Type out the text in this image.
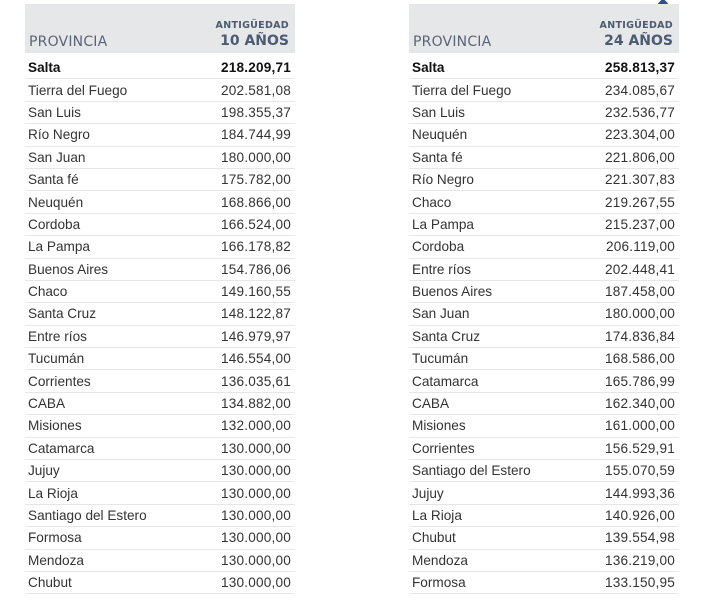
PROVINCIA
ANTIGÜEDAD
10 AÑOS
Salta	218.209,71
Tierra del Fuego	202.581,08
San Luis	198.355,37
Río Negro	184.744,99
San Juan	180.000,00
Santa fé	175.782,00
Neuquén	168.866,00
Cordoba	166.524,00
La Pampa	166.178,82
Buenos Aires	154.786,06
Chaco	149.160,55
Santa Cruz	148.122,87
Entre ríos	146.979,97
Tucumán	146.554,00
Corrientes	136.035,61
CABA	134.882,00
Misiones	132.000,00
Catamarca	130.000,00
Jujuy	130.000,00
La Rioja	130.000,00
Santiago del Estero	130.000,00
Formosa	130.000,00
Mendoza	130.000,00
Chubut	130.000,00
PROVINCIA
ANTIGÜEDAD
24 AÑOS
Salta	258.813,37
Tierra del Fuego	234.085,67
San Luis	232.536,77
Neuquén	223.304,00
Santa fé	221.806,00
Río Negro	221.307,83
Chaco	219.267,55
La Pampa	215.237,00
Cordoba	206.119,00
Entre ríos	202.448,41
Buenos Aires	187.458,00
San Juan	180.000,00
Santa Cruz	174.836,84
Tucumán	168.586,00
Catamarca	165.786,99
CABA	162.340,00
Misiones	161.000,00
Corrientes	156.529,91
Santiago del Estero	155.070,59
Jujuy	144.993,36
La Rioja	140.926,00
Chubut	139.554,98
Mendoza	136.219,00
Formosa	133.150,95
